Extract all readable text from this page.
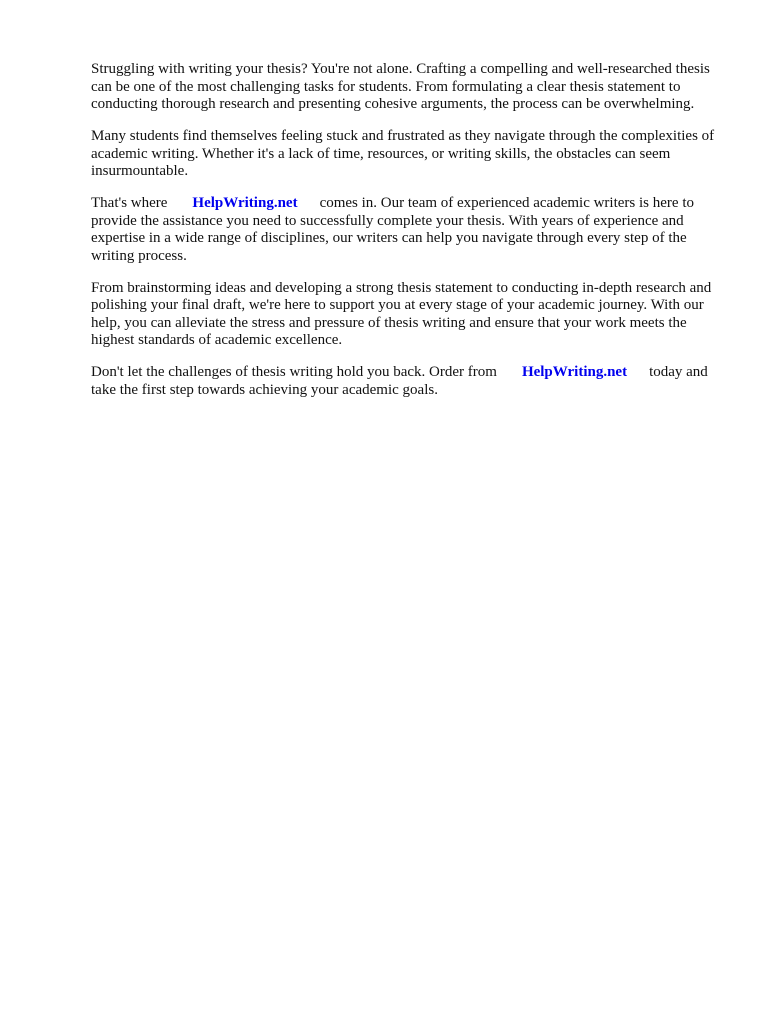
Struggling with writing your thesis? You're not alone. Crafting a compelling and well-researched thesis can be one of the most challenging tasks for students. From formulating a clear thesis statement to conducting thorough research and presenting cohesive arguments, the process can be overwhelming.

Many students find themselves feeling stuck and frustrated as they navigate through the complexities of academic writing. Whether it's a lack of time, resources, or writing skills, the obstacles can seem insurmountable.

That's where HelpWriting.net comes in. Our team of experienced academic writers is here to provide the assistance you need to successfully complete your thesis. With years of experience and expertise in a wide range of disciplines, our writers can help you navigate through every step of the writing process.

From brainstorming ideas and developing a strong thesis statement to conducting in-depth research and polishing your final draft, we're here to support you at every stage of your academic journey. With our help, you can alleviate the stress and pressure of thesis writing and ensure that your work meets the highest standards of academic excellence.

Don't let the challenges of thesis writing hold you back. Order from HelpWriting.net today and take the first step towards achieving your academic goals.
